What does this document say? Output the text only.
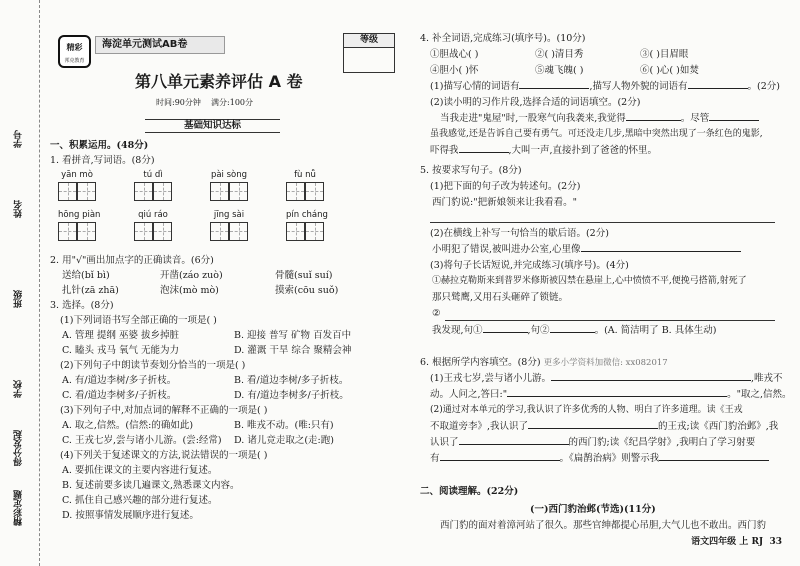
学号
姓名
班级
学校
得分发起
精彩定题
精彩
邦克教育
海淀单元测试AB卷	等级
第八单元素养评估 A 卷
时间:90分钟 满分:100分
基础知识达标
一、积累运用。(48分)
1. 看拼音,写词语。(8分)
yān mò	tú dì	pài sòng	fù nǚ
hōng piàn	qiú ráo	jīng sài	pín cháng
2. 用"√"画出加点字的正确读音。(6分)
送给(bǐ bì)	开凿(záo zuò)	骨髓(suǐ suí)
扎针(zā zhā)	泡沫(mò mò)	摸索(cōu suǒ)
3. 选择。(8分)
(1)下列词语书写全部正确的一项是( )
A. 管理 提纲 巫婆 拔乡掉脏	B. 迎接 普写 矿物 百发百中
C. 瞌头 戎马 氧气 无能为力	D. 灌溉 干旱 综合 聚精会神
(2)下列句子中朗读节奏划分恰当的一项是( )
A. 有/道边李树/多子折枝。	B. 看/道边李树/多子折枝。
C. 看/道边李树多/子折枝。	D. 有/道边李树多/子折枝。
(3)下列句子中,对加点词的解释不正确的一项是( )
A. 取之,信然。(信然:的确如此)	B. 唯戎不动。(唯:只有)
C. 王戎七岁,尝与诸小儿游。(尝:经常) D. 诸儿竞走取之(走:跑)
(4)下列关于复述课文的方法,说法错误的一项是( )
A. 要抓住课文的主要内容进行复述。
B. 复述前要多读几遍课文,熟悉课文内容。
C. 抓住自己感兴趣的部分进行复述。
D. 按照事情发展顺序进行复述。
4. 补全词语,完成练习(填序号)。(10分)
①胆战心( )	②( )清目秀	③( )目眉眼
④胆小( )怀	⑤魂飞魄( )	⑥( )心( )如焚
(1)描写心情的词语有	,描写人物外貌的词语有	。(2分)
(2)读小明的习作片段,选择合适的词语填空。(2分)
当我走进"鬼屋"时,一股寒气向我袭来,我觉得	。尽管
虽我感觉,还是告诉自己要有勇气。可还没走几步,黑暗中突然出现了一条红色的鬼影,
吓得我	,大叫一声,直接扑到了爸爸的怀里。
5. 按要求写句子。(8分)
(1)把下面的句子改为转述句。(2分)
西门豹说:"把新娘领来让我看看。"
(2)在横线上补写一句恰当的歇后语。(2分)
小明犯了错误,被叫进办公室,心里像
(3)将句子长话短说,并完成练习(填序号)。(4分)
①赫拉克勒斯来到普罗米修斯被囚禁在悬崖上,心中愤愤不平,便挽弓搭箭,射死了
那只鹫鹰,又用石头砸碎了锁链。
②
我发现,句①	,句②	。(A. 简洁明了 B. 具体生动)
6. 根据所学内容填空。(8分) 更多小学资料加微信: xx082017
(1)王戎七岁,尝与诸小儿游。	,唯戎不
动。人问之,答曰:"	。"取之,信然。
(2)通过对本单元的学习,我认识了许多优秀的人物、明白了许多道理。读《王戎
不取道旁李》,我认识了	的王戎;读《西门豹治邺》,我
认识了	的西门豹;读《纪昌学射》,我明白了学习射要
有	。《扁鹊治病》则警示我
二、阅读理解。(22分)
(一)西门豹治邺(节选)(11分)
西门豹的面对着漳河站了很久。那些官绅都提心吊胆,大气儿也不敢出。西门豹
语文四年级 上 RJ 33
